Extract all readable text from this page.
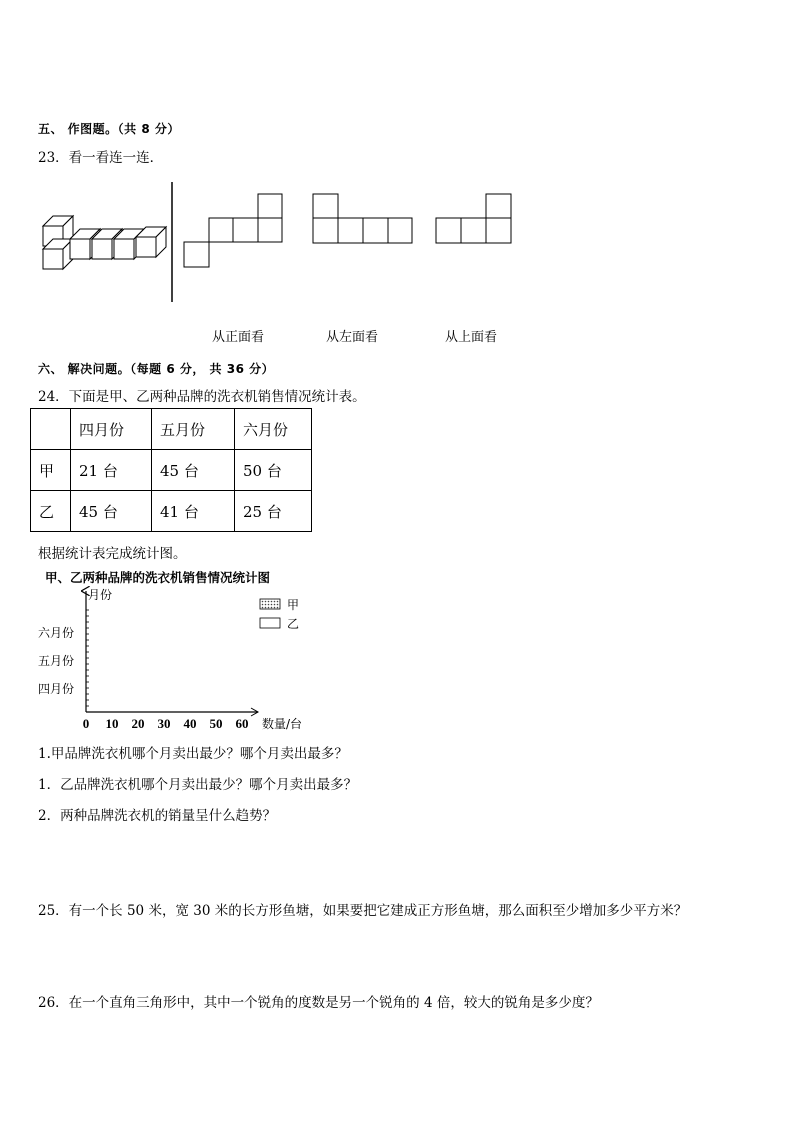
五、 作图题。（共 8 分）
23．看一看连一连．
从正面看	从左面看	从上面看
六、 解决问题。（每题 6 分， 共 36 分）
24．下面是甲、乙两种品牌的洗衣机销售情况统计表。
	四月份	五月份	六月份
甲	21 台	45 台	50 台
乙	45 台	41 台	25 台
根据统计表完成统计图。
甲、乙两种品牌的洗衣机销售情况统计图
四月份
五月份
六月份
0 10 20 30 40 50 60
月份
数量/台
甲
乙
1.甲品牌洗衣机哪个月卖出最少？哪个月卖出最多？
1．乙品牌洗衣机哪个月卖出最少？哪个月卖出最多？
2．两种品牌洗衣机的销量呈什么趋势？
25．有一个长 50 米，宽 30 米的长方形鱼塘，如果要把它建成正方形鱼塘，那么面积至少增加多少平方米？
26．在一个直角三角形中，其中一个锐角的度数是另一个锐角的 4 倍，较大的锐角是多少度？
